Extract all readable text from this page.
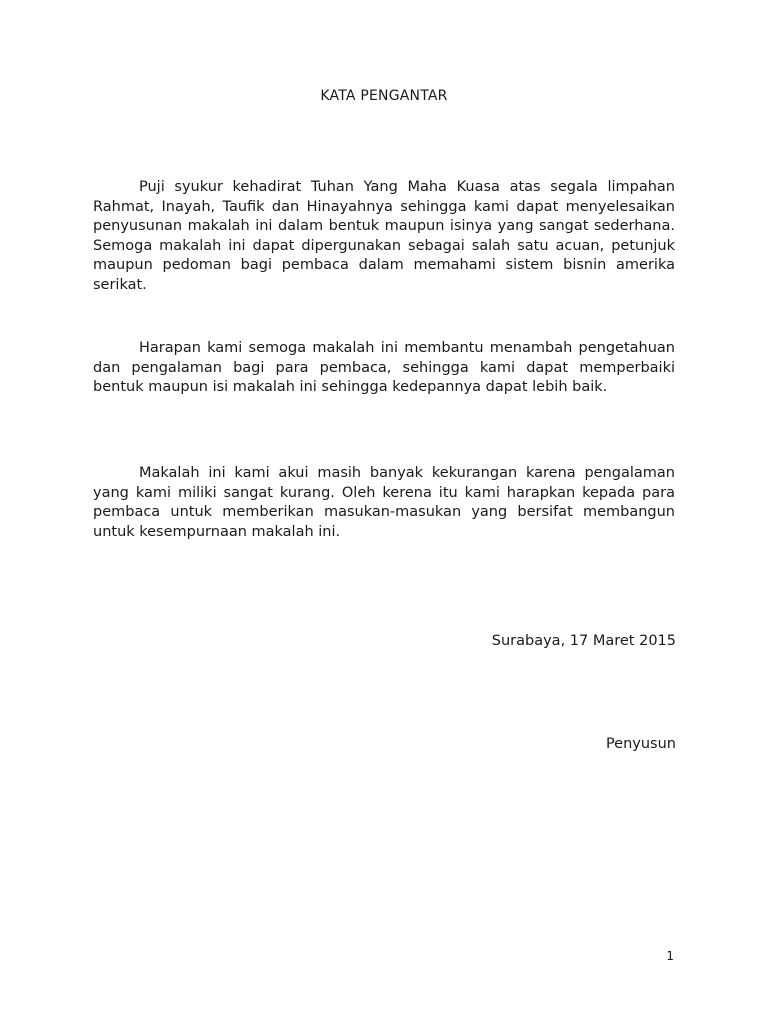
KATA PENGANTAR

Puji syukur kehadirat Tuhan Yang Maha Kuasa atas segala limpahan Rahmat, Inayah, Taufik dan Hinayahnya sehingga kami dapat menyelesaikan penyusunan makalah ini dalam bentuk maupun isinya yang sangat sederhana. Semoga makalah ini dapat dipergunakan sebagai salah satu acuan, petunjuk maupun pedoman bagi pembaca dalam memahami sistem bisnin amerika serikat.

Harapan kami semoga makalah ini membantu menambah pengetahuan dan pengalaman bagi para pembaca, sehingga kami dapat memperbaiki bentuk maupun isi makalah ini sehingga kedepannya dapat lebih baik.

Makalah ini kami akui masih banyak kekurangan karena pengalaman yang kami miliki sangat kurang. Oleh kerena itu kami harapkan kepada para pembaca untuk memberikan masukan-masukan yang bersifat membangun untuk kesempurnaan makalah ini.

Surabaya, 17 Maret 2015
Penyusun
1
